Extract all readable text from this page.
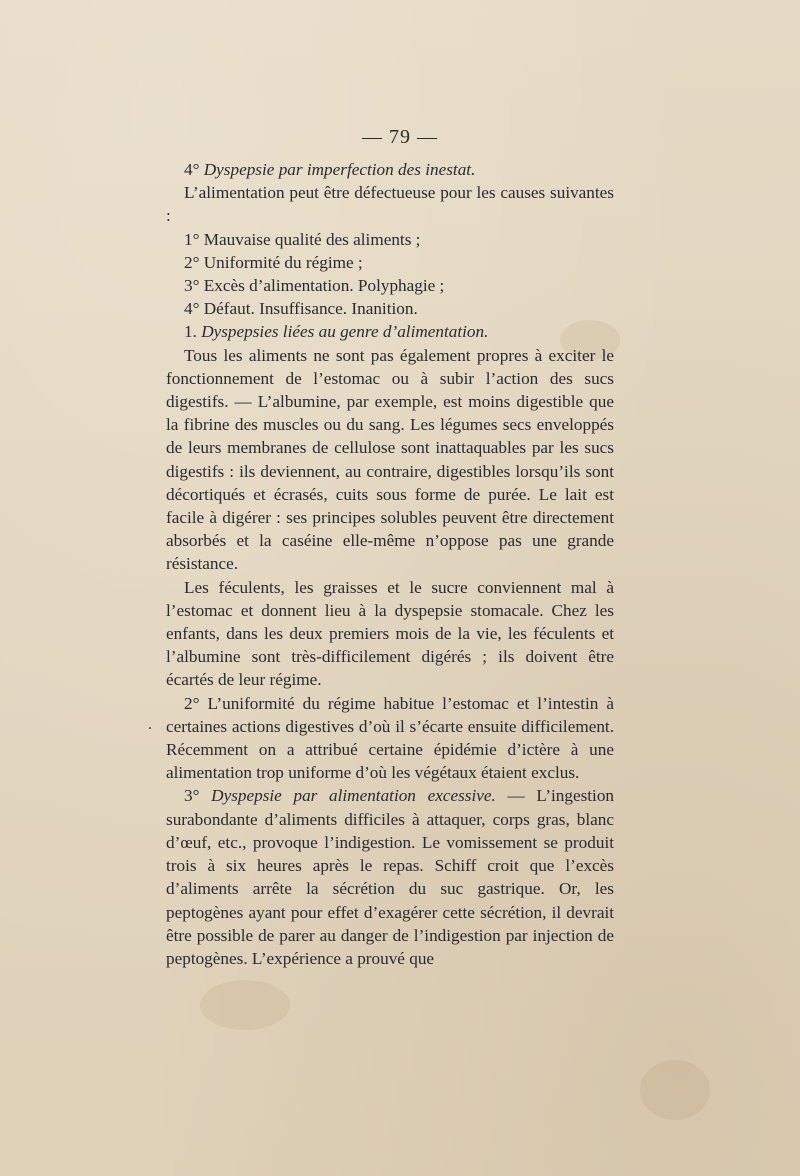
— 79 —
.

4° Dyspepsie par imperfection des inestat.

L’alimentation peut être défectueuse pour les causes suivantes :

1° Mauvaise qualité des aliments ;

2° Uniformité du régime ;

3° Excès d’alimentation. Polyphagie ;

4° Défaut. Insuffisance. Inanition.

1. Dyspepsies liées au genre d’alimentation.

Tous les aliments ne sont pas également propres à exciter le fonctionnement de l’estomac ou à subir l’action des sucs digestifs. — L’albumine, par exemple, est moins digestible que la fibrine des muscles ou du sang. Les légumes secs enveloppés de leurs membranes de cellulose sont inattaquables par les sucs digestifs : ils deviennent, au contraire, digestibles lorsqu’ils sont décortiqués et écrasés, cuits sous forme de purée. Le lait est facile à digérer : ses principes solubles peuvent être directement absorbés et la caséine elle-même n’oppose pas une grande résistance.

Les féculents, les graisses et le sucre conviennent mal à l’estomac et donnent lieu à la dyspepsie stomacale. Chez les enfants, dans les deux premiers mois de la vie, les féculents et l’albumine sont très-difficilement digérés ; ils doivent être écartés de leur régime.

2° L’uniformité du régime habitue l’estomac et l’intestin à certaines actions digestives d’où il s’écarte ensuite difficilement. Récemment on a attribué certaine épidémie d’ictère à une alimentation trop uniforme d’où les végétaux étaient exclus.

3° Dyspepsie par alimentation excessive. — L’ingestion surabondante d’aliments difficiles à attaquer, corps gras, blanc d’œuf, etc., provoque l’indigestion. Le vomissement se produit trois à six heures après le repas. Schiff croit que l’excès d’aliments arrête la sécrétion du suc gastrique. Or, les peptogènes ayant pour effet d’exagérer cette sécrétion, il devrait être possible de parer au danger de l’indigestion par injection de peptogènes. L’expérience a prouvé que
